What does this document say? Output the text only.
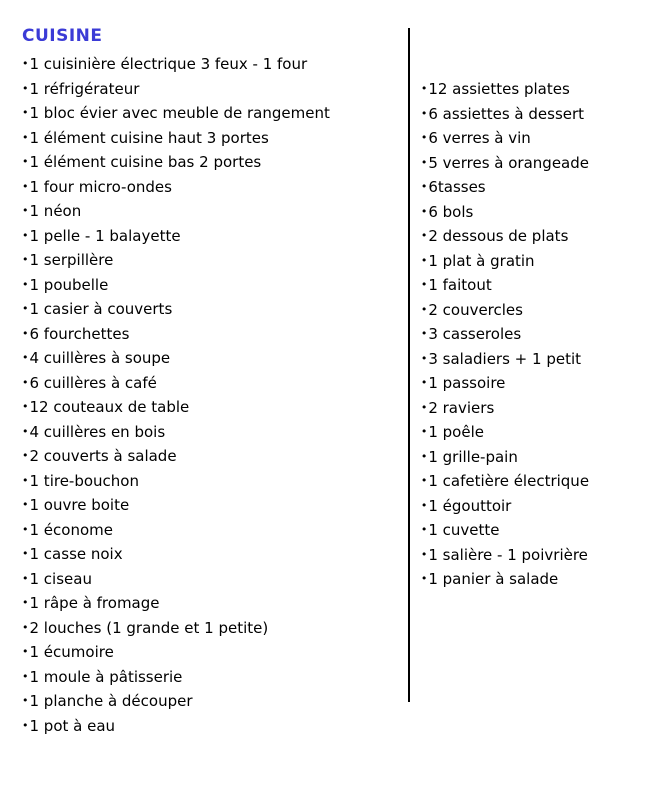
CUISINE
•1 cuisinière électrique 3 feux - 1 four
•1 réfrigérateur
•1 bloc évier avec meuble de rangement
•1 élément cuisine haut 3 portes
•1 élément cuisine bas 2 portes
•1 four micro-ondes
•1 néon
•1 pelle - 1 balayette
•1 serpillère
•1 poubelle
•1 casier à couverts
•6 fourchettes
•4 cuillères à soupe
•6 cuillères à café
•12 couteaux de table
•4 cuillères en bois
•2 couverts à salade
•1 tire-bouchon
•1 ouvre boite
•1 économe
•1 casse noix
•1 ciseau
•1 râpe à fromage
•2 louches (1 grande et 1 petite)
•1 écumoire
•1 moule à pâtisserie
•1 planche à découper
•1 pot à eau
•12 assiettes plates
•6 assiettes à dessert
•6 verres à vin
•5 verres à orangeade
•6tasses
•6 bols
•2 dessous de plats
•1 plat à gratin
•1 faitout
•2 couvercles
•3 casseroles
•3 saladiers + 1 petit
•1 passoire
•2 raviers
•1 poêle
•1 grille-pain
•1 cafetière électrique
•1 égouttoir
•1 cuvette
•1 salière - 1 poivrière
•1 panier à salade
